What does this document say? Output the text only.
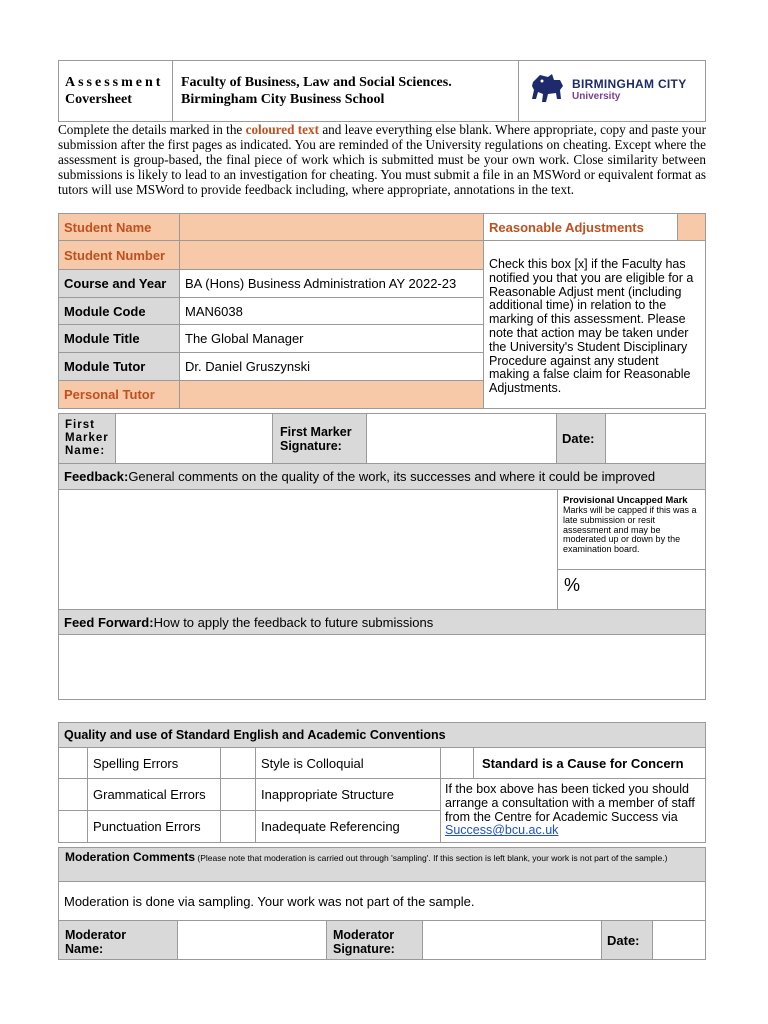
Assessment
Coversheet
Faculty of Business, Law and Social Sciences.
Birmingham City Business School
BIRMINGHAM CITY
University
Complete the details marked in the coloured text and leave everything else blank. Where appropriate, copy and paste your submission after the first pages as indicated. You are reminded of the University regulations on cheating. Except where the assessment is group-based, the final piece of work which is submitted must be your own work. Close similarity between submissions is likely to lead to an investigation for cheating. You must submit a file in an MSWord or equivalent format as tutors will use MSWord to provide feedback including, where appropriate, annotations in the text.
Student Name
Student Number
Course and Year	BA (Hons) Business Administration AY 2022-23
Module Code	MAN6038
Module Title	The Global Manager
Module Tutor	Dr. Daniel Gruszynski
Personal Tutor
Reasonable Adjustments
Check this box [x] if the Faculty has notified you that you are eligible for a Reasonable Adjust ment (including additional time) in relation to the marking of this assessment. Please note that action may be taken under the University's Student Disciplinary Procedure against any student making a false claim for Reasonable Adjustments.
First Marker Name:
First Marker Signature:	Date:
Feedback: General comments on the quality of the work, its successes and where it could be improved
Provisional Uncapped Mark
Marks will be capped if this was a late submission or resit assessment and may be moderated up or down by the examination board.
%
Feed Forward: How to apply the feedback to future submissions
Quality and use of Standard English and Academic Conventions
Spelling Errors	Style is Colloquial
Grammatical Errors	Inappropriate Structure
Punctuation Errors	Inadequate Referencing
Standard is a Cause for Concern
If the box above has been ticked you should arrange a consultation with a member of staff from the Centre for Academic Success via Success@bcu.ac.uk
Moderation Comments (Please note that moderation is carried out through 'sampling'. If this section is left blank, your work is not part of the sample.)
Moderation is done via sampling. Your work was not part of the sample.
Moderator Name:
Moderator Signature:
Date:
